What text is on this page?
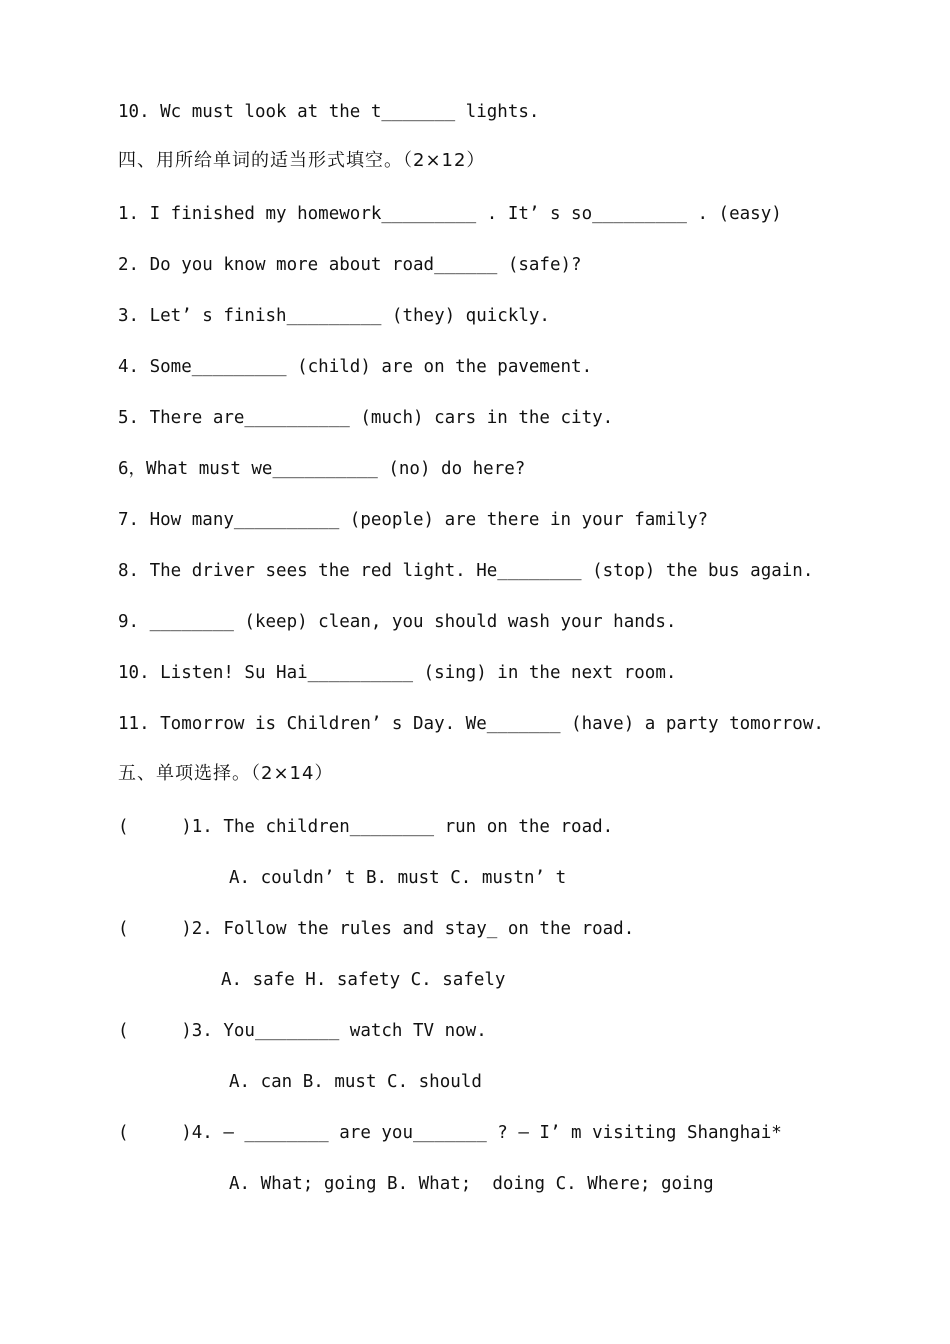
10. Wc must look at the t_______ lights.
四、用所给单词的适当形式填空。（2×12）
1. I finished my homework_________ . It’ s so_________ . (easy)
2. Do you know more about road______ (safe)?
3. Let’ s finish_________ (they) quickly.
4. Some_________ (child) are on the pavement.
5. There are__________ (much) cars in the city.
6，What must we__________ (no) do here?
7. How many__________ (people) are there in your family?
8. The driver sees the red light. He________ (stop) the bus again.
9. ________ (keep) clean, you should wash your hands.
10. Listen! Su Hai__________ (sing) in the next room.
11. Tomorrow is Children’ s Day. We_______ (have) a party tomorrow.
五、单项选择。（2×14）
(     )1. The children________ run on the road.
A. couldn’ t B. must C. mustn’ t
(     )2. Follow the rules and stay_ on the road.
A. safe H. safety C. safely
(     )3. You________ watch TV now.
A. can B. must C. should
(     )4. — ________ are you_______ ? — I’ m visiting Shanghai*
A. What; going B. What;  doing C. Where; going
